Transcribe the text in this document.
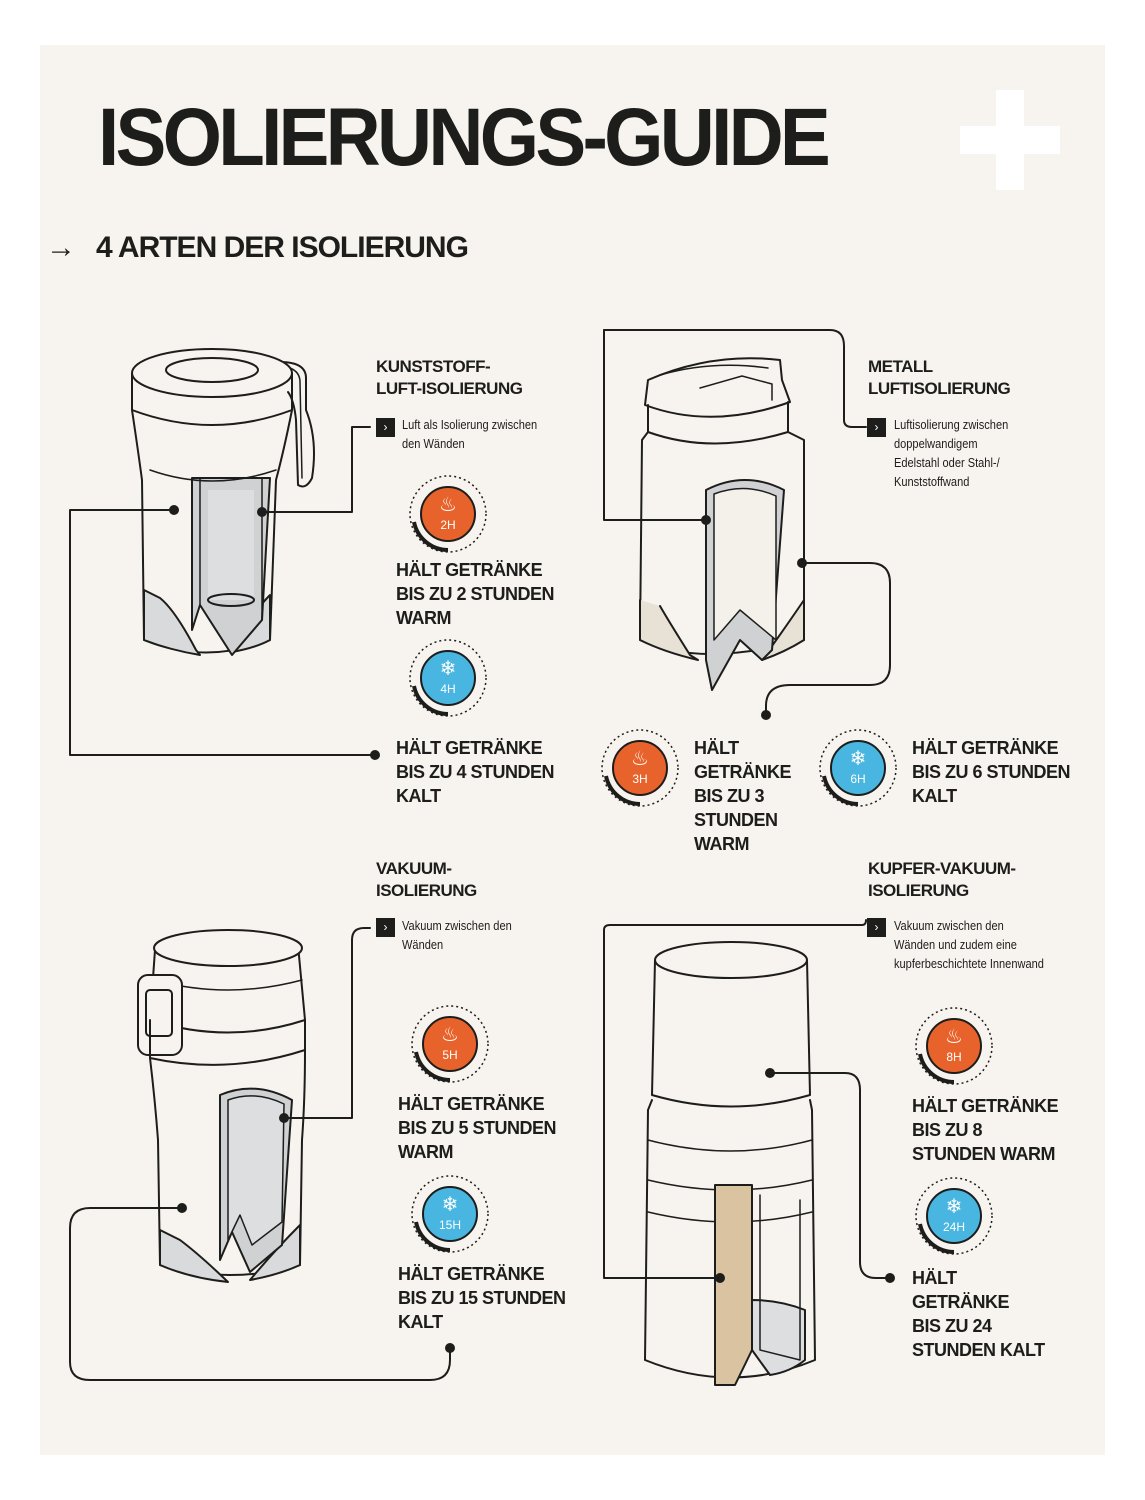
ISOLIERUNGS-GUIDE
→ 4 ARTEN DER ISOLIERUNG
KUNSTSTOFF-
LUFT-ISOLIERUNG
›	Luft als Isolierung zwischen
den Wänden
♨
2H
HÄLT GETRÄNKE
BIS ZU 2 STUNDEN
WARM
❄
4H
HÄLT GETRÄNKE
BIS ZU 4 STUNDEN
KALT
METALL
LUFTISOLIERUNG
›	Luftisolierung zwischen
doppelwandigem
Edelstahl oder Stahl-/
Kunststoffwand
♨
3H
HÄLT
GETRÄNKE
BIS ZU 3
STUNDEN
WARM
❄
6H
HÄLT GETRÄNKE
BIS ZU 6 STUNDEN
KALT
VAKUUM-
ISOLIERUNG
›	Vakuum zwischen den
Wänden
♨
5H
HÄLT GETRÄNKE
BIS ZU 5 STUNDEN
WARM
❄
15H
HÄLT GETRÄNKE
BIS ZU 15 STUNDEN
KALT
KUPFER-VAKUUM-
ISOLIERUNG
›	Vakuum zwischen den
Wänden und zudem eine
kupferbeschichtete Innenwand
♨
8H
HÄLT GETRÄNKE
BIS ZU 8
STUNDEN WARM
❄
24H
HÄLT
GETRÄNKE
BIS ZU 24
STUNDEN KALT
